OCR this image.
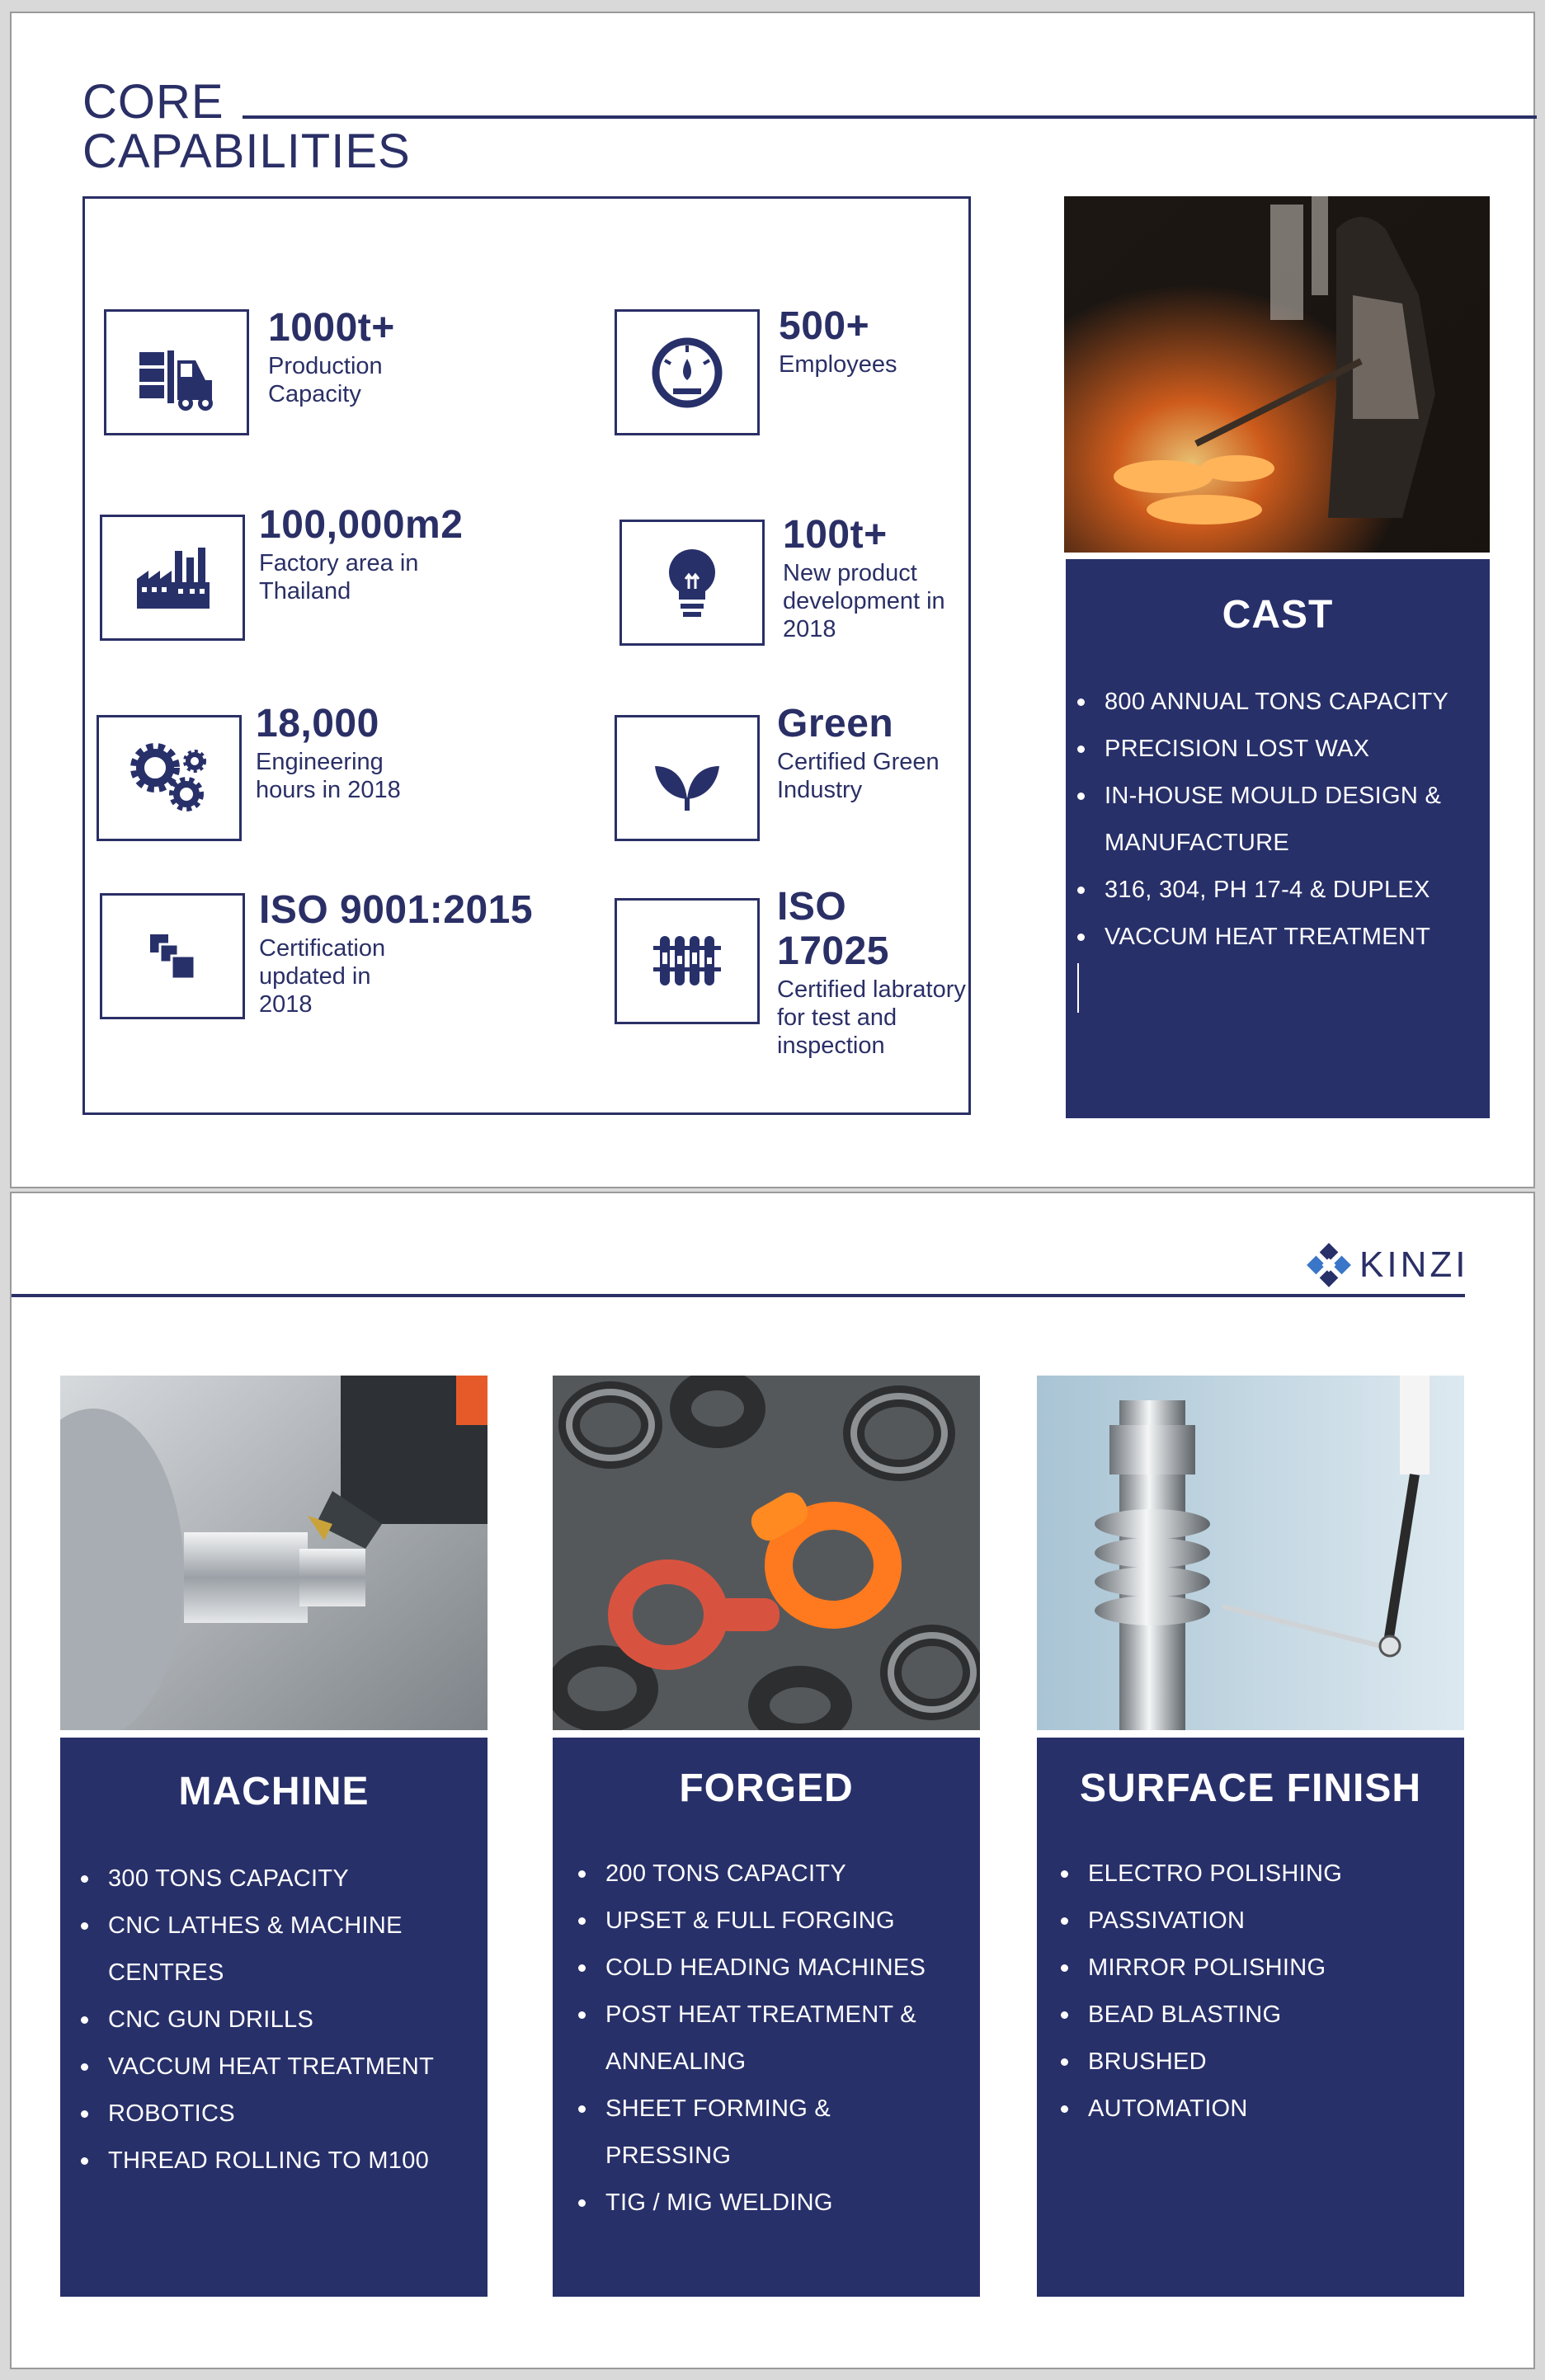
CORE
CAPABILITIES
1000t+
Production Capacity
500+
Employees
100,000m2
Factory area in Thailand
100t+
New product development in 2018
18,000
Engineering hours in 2018
Green
Certified Green Industry
ISO 9001:2015
Certification updated in 2018
ISO 17025
Certified labratory for test and inspection
CAST
800 ANNUAL TONS CAPACITY
PRECISION LOST WAX
IN-HOUSE MOULD DESIGN & MANUFACTURE
316, 304, PH 17-4 & DUPLEX
VACCUM HEAT TREATMENT
KINZI
MACHINE
300 TONS CAPACITY
CNC LATHES & MACHINE CENTRES
CNC GUN DRILLS
VACCUM HEAT TREATMENT
ROBOTICS
THREAD ROLLING TO M100
FORGED
200 TONS CAPACITY
UPSET & FULL FORGING
COLD HEADING MACHINES
POST HEAT TREATMENT & ANNEALING
SHEET FORMING & PRESSING
TIG / MIG WELDING
SURFACE FINISH
ELECTRO POLISHING
PASSIVATION
MIRROR POLISHING
BEAD BLASTING
BRUSHED
AUTOMATION
